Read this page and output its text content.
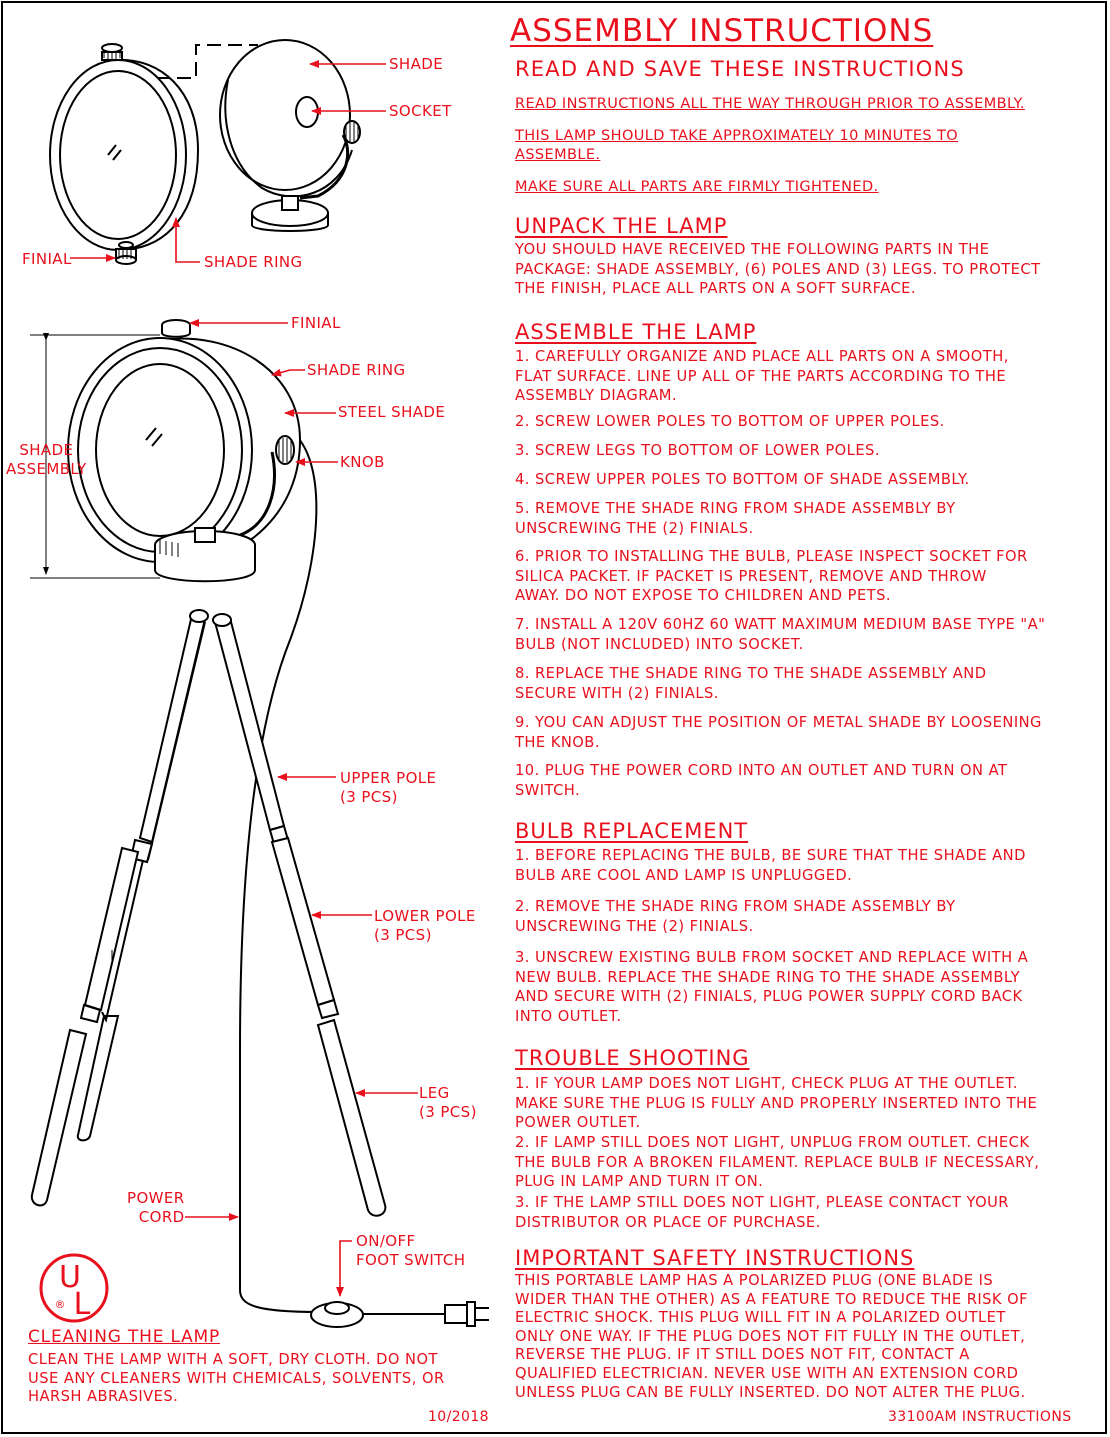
U
L
®
ASSEMBLY INSTRUCTIONS
READ AND SAVE THESE INSTRUCTIONS
READ INSTRUCTIONS ALL THE WAY THROUGH PRIOR TO ASSEMBLY.
THIS LAMP SHOULD TAKE APPROXIMATELY 10 MINUTES TO
ASSEMBLE.
MAKE SURE ALL PARTS ARE FIRMLY TIGHTENED.
UNPACK THE LAMP
YOU SHOULD HAVE RECEIVED THE FOLLOWING PARTS IN THE
PACKAGE: SHADE ASSEMBLY, (6) POLES AND (3) LEGS. TO PROTECT
THE FINISH, PLACE ALL PARTS ON A SOFT SURFACE.
ASSEMBLE THE LAMP
1. CAREFULLY ORGANIZE AND PLACE ALL PARTS ON A SMOOTH,
FLAT SURFACE. LINE UP ALL OF THE PARTS ACCORDING TO THE
ASSEMBLY DIAGRAM.
2. SCREW LOWER POLES TO BOTTOM OF UPPER POLES.
3. SCREW LEGS TO BOTTOM OF LOWER POLES.
4. SCREW UPPER POLES TO BOTTOM OF SHADE ASSEMBLY.
5. REMOVE THE SHADE RING FROM SHADE ASSEMBLY BY
UNSCREWING THE (2) FINIALS.
6. PRIOR TO INSTALLING THE BULB, PLEASE INSPECT SOCKET FOR
SILICA PACKET. IF PACKET IS PRESENT, REMOVE AND THROW
AWAY. DO NOT EXPOSE TO CHILDREN AND PETS.
7. INSTALL A 120V 60HZ 60 WATT MAXIMUM MEDIUM BASE TYPE "A"
BULB (NOT INCLUDED) INTO SOCKET.
8. REPLACE THE SHADE RING TO THE SHADE ASSEMBLY AND
SECURE WITH (2) FINIALS.
9. YOU CAN ADJUST THE POSITION OF METAL SHADE BY LOOSENING
THE KNOB.
10. PLUG THE POWER CORD INTO AN OUTLET AND TURN ON AT
SWITCH.
BULB REPLACEMENT
1. BEFORE REPLACING THE BULB, BE SURE THAT THE SHADE AND
BULB ARE COOL AND LAMP IS UNPLUGGED.
2. REMOVE THE SHADE RING FROM SHADE ASSEMBLY BY
UNSCREWING THE (2) FINIALS.
3. UNSCREW EXISTING BULB FROM SOCKET AND REPLACE WITH A
NEW BULB. REPLACE THE SHADE RING TO THE SHADE ASSEMBLY
AND SECURE WITH (2) FINIALS, PLUG POWER SUPPLY CORD BACK
INTO OUTLET.
TROUBLE SHOOTING
1. IF YOUR LAMP DOES NOT LIGHT, CHECK PLUG AT THE OUTLET.
MAKE SURE THE PLUG IS FULLY AND PROPERLY INSERTED INTO THE
POWER OUTLET.
2. IF LAMP STILL DOES NOT LIGHT, UNPLUG FROM OUTLET. CHECK
THE BULB FOR A BROKEN FILAMENT. REPLACE BULB IF NECESSARY,
PLUG IN LAMP AND TURN IT ON.
3. IF THE LAMP STILL DOES NOT LIGHT, PLEASE CONTACT YOUR
DISTRIBUTOR OR PLACE OF PURCHASE.
IMPORTANT SAFETY INSTRUCTIONS
THIS PORTABLE LAMP HAS A POLARIZED PLUG (ONE BLADE IS
WIDER THAN THE OTHER) AS A FEATURE TO REDUCE THE RISK OF
ELECTRIC SHOCK. THIS PLUG WILL FIT IN A POLARIZED OUTLET
ONLY ONE WAY. IF THE PLUG DOES NOT FIT FULLY IN THE OUTLET,
REVERSE THE PLUG. IF IT STILL DOES NOT FIT, CONTACT A
QUALIFIED ELECTRICIAN. NEVER USE WITH AN EXTENSION CORD
UNLESS PLUG CAN BE FULLY INSERTED. DO NOT ALTER THE PLUG.
CLEANING THE LAMP
CLEAN THE LAMP WITH A SOFT, DRY CLOTH. DO NOT
USE ANY CLEANERS WITH CHEMICALS, SOLVENTS, OR
HARSH ABRASIVES.
SHADE
SOCKET
FINIAL	SHADE RING
FINIAL
SHADE RING
STEEL SHADE
KNOB
SHADE
ASSEMBLY
UPPER POLE
(3 PCS)
LOWER POLE
(3 PCS)
LEG
(3 PCS)
POWER
CORD
ON/OFF
FOOT SWITCH
10/2018	33100AM INSTRUCTIONS
